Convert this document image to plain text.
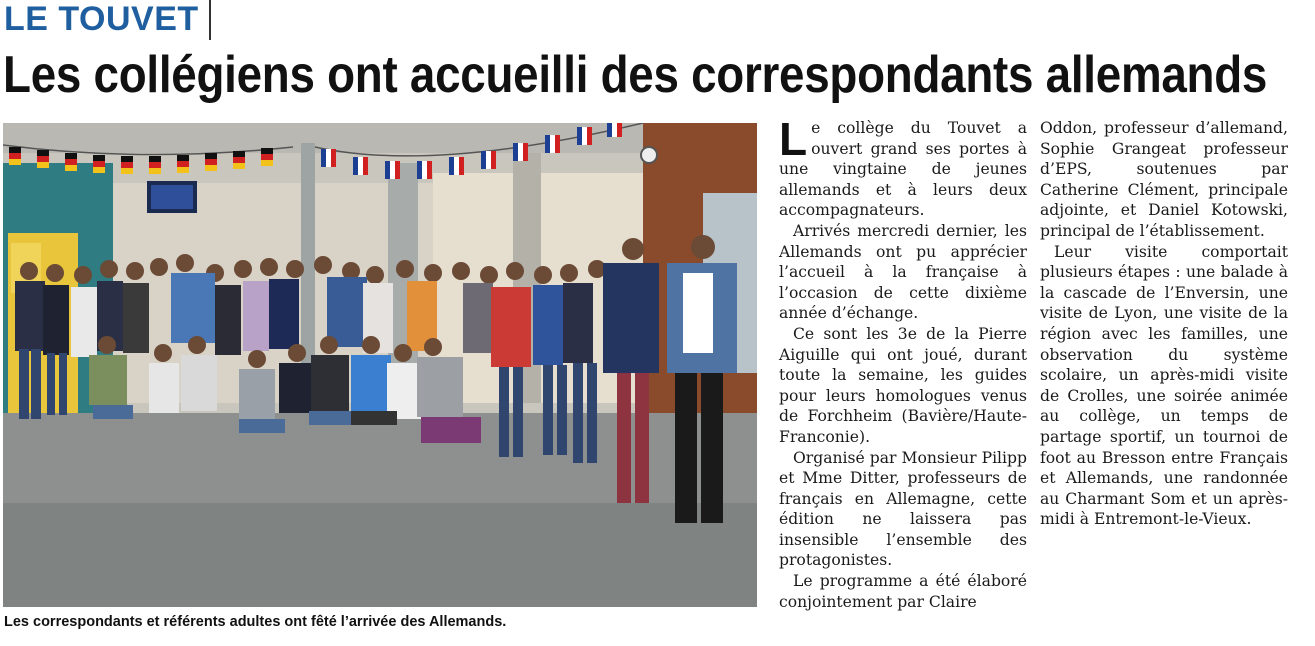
LE TOUVET
Les collégiens ont accueilli des correspondants allemands
Les correspondants et référents adultes ont fêté l’arrivée des Allemands.

Le collège du Touvet a ouvert grand ses portes à une vingtaine de jeunes allemands et à leurs deux accompagnateurs.

Arrivés mercredi dernier, les Allemands ont pu apprécier l’accueil à la française à l’occasion de cette dixième année d’échange.

Ce sont les 3e de la Pierre Aiguille qui ont joué, durant toute la semaine, les guides pour leurs homologues venus de Forchheim (Bavière/Haute-Franconie).

Organisé par Monsieur Pilipp et Mme Ditter, professeurs de français en Allemagne, cette édition ne laissera pas insensible l’ensemble des protagonistes.

Le programme a été élaboré conjointement par Claire

Oddon, professeur d’allemand, Sophie Grangeat professeur d’EPS, soutenues par Catherine Clément, principale adjointe, et Daniel Kotowski, principal de l’établissement.

Leur visite comportait plusieurs étapes : une balade à la cascade de l’Enversin, une visite de Lyon, une visite de la région avec les familles, une observation du système scolaire, un après-midi visite de Crolles, une soirée animée au collège, un temps de partage sportif, un tournoi de foot au Bresson entre Français et Allemands, une randonnée au Charmant Som et un après-midi à Entremont-le-Vieux.
